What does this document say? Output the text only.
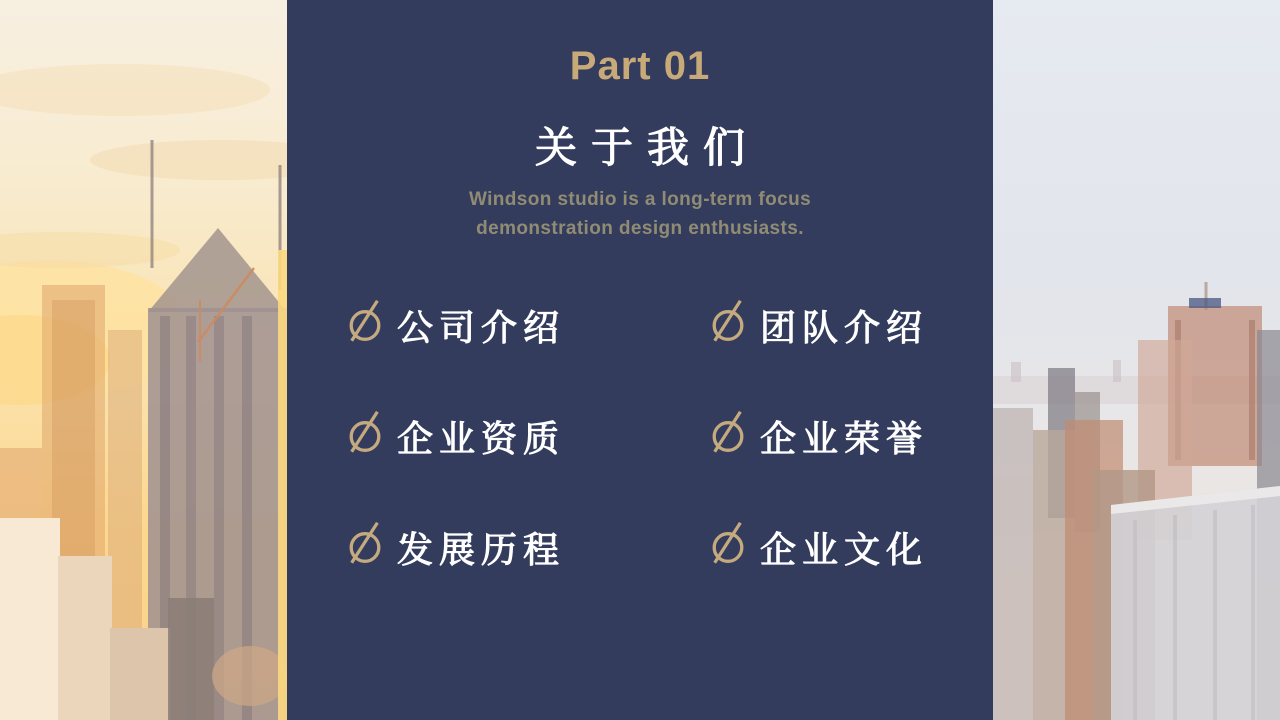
Part 01
关于我们

Windson studio is a long-term focus
demonstration design enthusiasts.

公司介绍	团队介绍
企业资质	企业荣誉
发展历程	企业文化
